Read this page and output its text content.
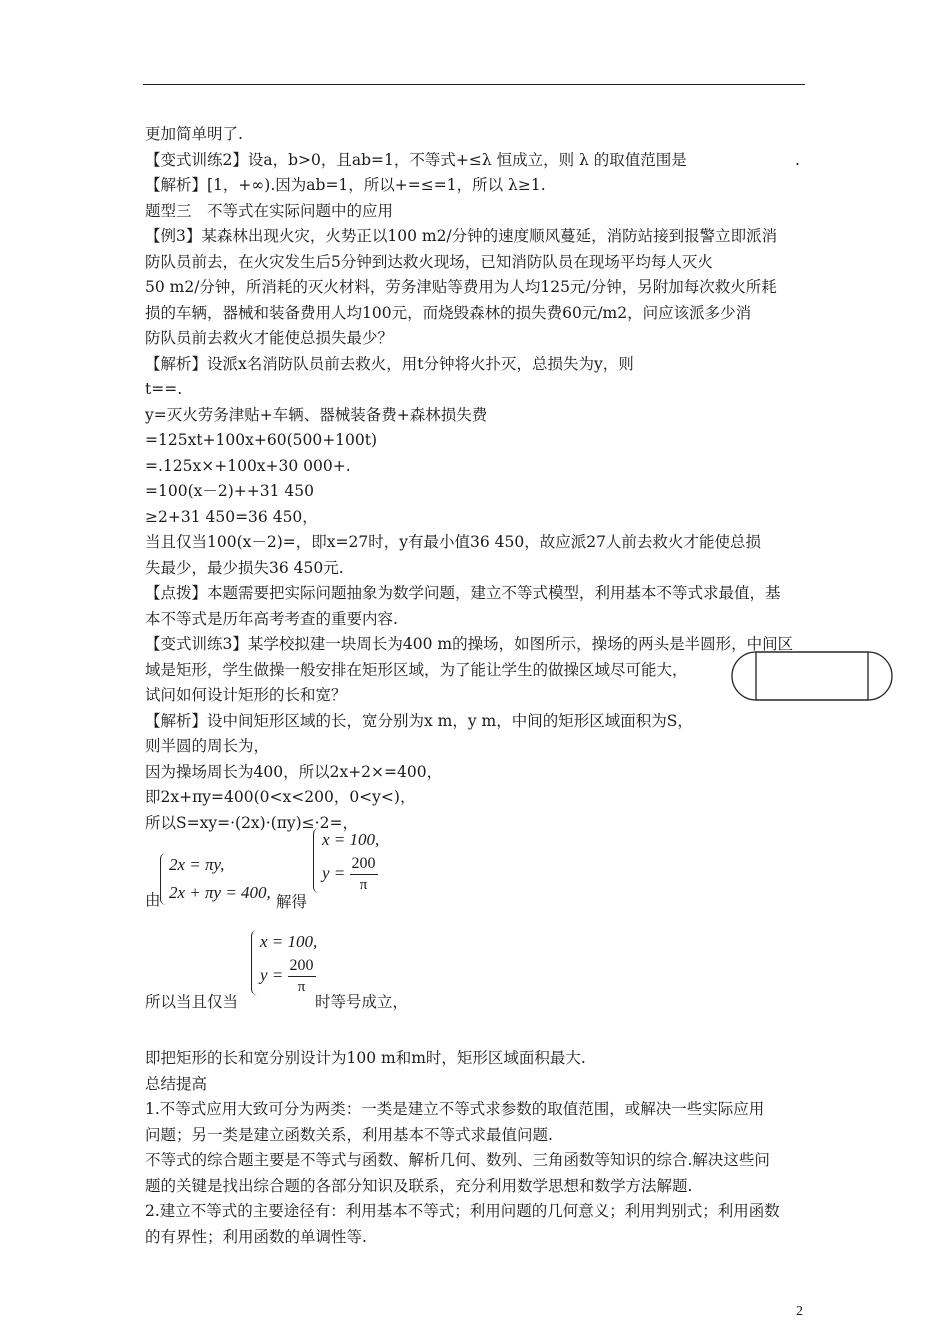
更加简单明了.
【变式训练2】设a，b>0，且ab=1，不等式+≤λ 恒成立，则 λ 的取值范围是	.
【解析】[1，+∞).因为ab=1，所以+=≤=1，所以 λ≥1.
题型三　不等式在实际问题中的应用
【例3】某森林出现火灾，火势正以100 m2/分钟的速度顺风蔓延，消防站接到报警立即派消
防队员前去，在火灾发生后5分钟到达救火现场，已知消防队员在现场平均每人灭火
50 m2/分钟，所消耗的灭火材料，劳务津贴等费用为人均125元/分钟，另附加每次救火所耗
损的车辆，器械和装备费用人均100元，而烧毁森林的损失费60元/m2，问应该派多少消
防队员前去救火才能使总损失最少？
【解析】设派x名消防队员前去救火，用t分钟将火扑灭，总损失为y，则
t==.
y=灭火劳务津贴+车辆、器械装备费+森林损失费
=125xt+100x+60(500+100t)
=.125x×+100x+30 000+.
=100(x－2)++31 450
≥2+31 450=36 450，
当且仅当100(x－2)=，即x=27时，y有最小值36 450，故应派27人前去救火才能使总损
失最少，最少损失36 450元.
【点拨】本题需要把实际问题抽象为数学问题，建立不等式模型，利用基本不等式求最值，基
本不等式是历年高考考查的重要内容.
【变式训练3】某学校拟建一块周长为400 m的操场，如图所示，操场的两头是半圆形，中间区
域是矩形，学生做操一般安排在矩形区域，为了能让学生的做操区域尽可能大，
试问如何设计矩形的长和宽？
【解析】设中间矩形区域的长，宽分别为x m，y m，中间的矩形区域面积为S，
则半圆的周长为，
因为操场周长为400，所以2x+2×=400，
即2x+πy=400(0<x<200，0<y<)，
所以S=xy=·(2x)·(πy)≤·2=，
由
2x = πy,
2x + πy = 400, 解得
x = 100,
$y = \frac{200}{\pi}$
所以当且仅当
x = 100,
$y = \frac{200}{\pi}$
时等号成立，
即把矩形的长和宽分别设计为100 m和m时，矩形区域面积最大.
总结提高
1.不等式应用大致可分为两类：一类是建立不等式求参数的取值范围，或解决一些实际应用
问题；另一类是建立函数关系，利用基本不等式求最值问题.
不等式的综合题主要是不等式与函数、解析几何、数列、三角函数等知识的综合.解决这些问
题的关键是找出综合题的各部分知识及联系，充分利用数学思想和数学方法解题.
2.建立不等式的主要途径有：利用基本不等式；利用问题的几何意义；利用判别式；利用函数
的有界性；利用函数的单调性等.
2
